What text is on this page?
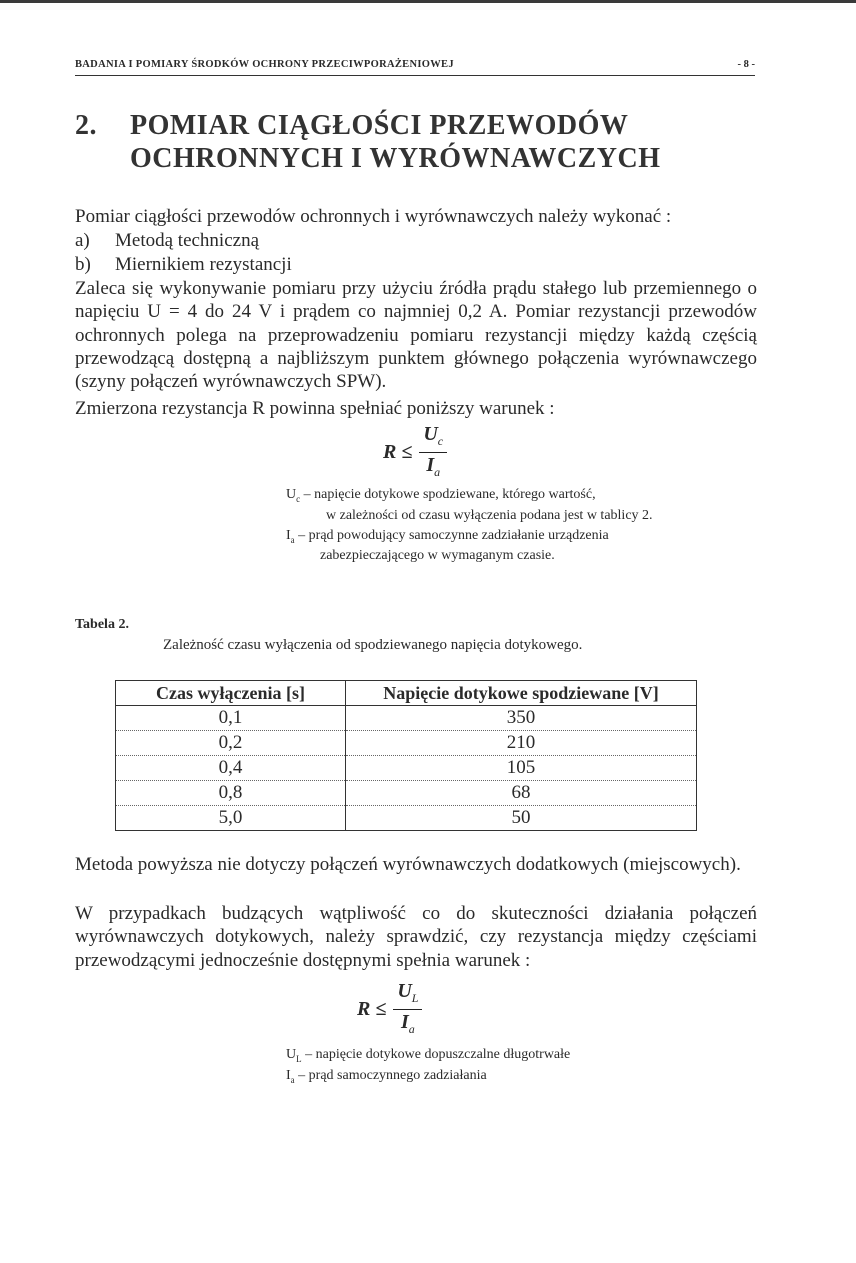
BADANIA I POMIARY ŚRODKÓW OCHRONY PRZECIWPORAŻENIOWEJ	- 8 -
2. POMIAR CIĄGŁOŚCI PRZEWODÓW
OCHRONNYCH I WYRÓWNAWCZYCH

Pomiar ciągłości przewodów ochronnych i wyrównawczych należy wykonać :

a) Metodą techniczną
b) Miernikiem rezystancji

Zaleca się wykonywanie pomiaru przy użyciu źródła prądu stałego lub przemiennego o napięciu U = 4 do 24 V i prądem co najmniej 0,2 A. Pomiar rezystancji przewodów ochronnych polega na przeprowadzeniu pomiaru rezystancji między każdą częścią przewodzącą dostępną a najbliższym punktem głównego połączenia wyrównawczego (szyny połączeń wyrównawczych SPW).

Zmierzona rezystancja R powinna spełniać poniższy warunek :

$R \le \frac{U_c}{I_a}$
$U_c$ – napięcie dotykowe spodziewane, którego wartość,
w zależności od czasu wyłączenia podana jest w tablicy 2.
$I_a$ – prąd powodujący samoczynne zadziałanie urządzenia
zabezpieczającego w wymaganym czasie.
Tabela 2.
Zależność czasu wyłączenia od spodziewanego napięcia dotykowego.
Czas wyłączenia [s]	Napięcie dotykowe spodziewane [V]
0,1	350
0,2	210
0,4	105
0,8	68
5,0	50

Metoda powyższa nie dotyczy połączeń wyrównawczych dodatkowych (miejscowych).

W przypadkach budzących wątpliwość co do skuteczności działania połączeń wyrównawczych dotykowych, należy sprawdzić, czy rezystancja między częściami przewodzącymi jednocześnie dostępnymi spełnia warunek :

$R \le \frac{U_L}{I_a}$
$U_L$ – napięcie dotykowe dopuszczalne długotrwałe
$I_a$ – prąd samoczynnego zadziałania
